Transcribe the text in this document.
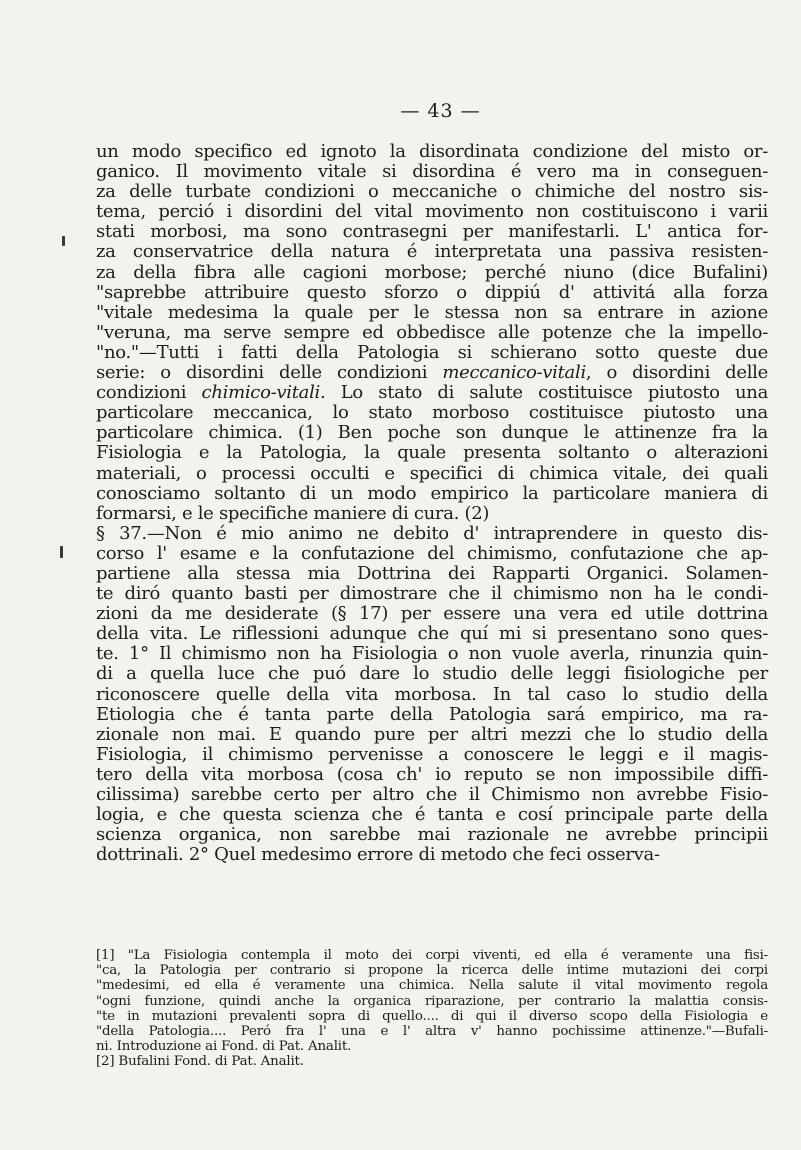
— 43 —
un modo specifico ed ignoto la disordinata condizione del misto or-
ganico. Il movimento vitale si disordina é vero ma in conseguen-
za delle turbate condizioni o meccaniche o chimiche del nostro sis-
tema, perció i disordini del vital movimento non costituiscono i varii
stati morbosi, ma sono contrasegni per manifestarli. L' antica for-
za conservatrice della natura é interpretata una passiva resisten-
za della fibra alle cagioni morbose; perché niuno (dice Bufalini)
"saprebbe attribuire questo sforzo o dippiú d' attivitá alla forza
"vitale medesima la quale per le stessa non sa entrare in azione
"veruna, ma serve sempre ed obbedisce alle potenze che la impello-
"no."—Tutti i fatti della Patologia si schierano sotto queste due
serie: o disordini delle condizioni meccanico-vitali, o disordini delle
condizioni chimico-vitali. Lo stato di salute costituisce piutosto una
particolare meccanica, lo stato morboso costituisce piutosto una
particolare chimica. (1) Ben poche son dunque le attinenze fra la
Fisiologia e la Patologia, la quale presenta soltanto o alterazioni
materiali, o processi occulti e specifici di chimica vitale, dei quali
conosciamo soltanto di un modo empirico la particolare maniera di
formarsi, e le specifiche maniere di cura. (2)
§ 37.—Non é mio animo ne debito d' intraprendere in questo dis-
corso l' esame e la confutazione del chimismo, confutazione che ap-
partiene alla stessa mia Dottrina dei Rapparti Organici. Solamen-
te diró quanto basti per dimostrare che il chimismo non ha le condi-
zioni da me desiderate (§ 17) per essere una vera ed utile dottrina
della vita. Le riflessioni adunque che quí mi si presentano sono ques-
te. 1° Il chimismo non ha Fisiologia o non vuole averla, rinunzia quin-
di a quella luce che puó dare lo studio delle leggi fisiologiche per
riconoscere quelle della vita morbosa. In tal caso lo studio della
Etiologia che é tanta parte della Patologia sará empirico, ma ra-
zionale non mai. E quando pure per altri mezzi che lo studio della
Fisiologia, il chimismo pervenisse a conoscere le leggi e il magis-
tero della vita morbosa (cosa ch' io reputo se non impossibile diffi-
cilissima) sarebbe certo per altro che il Chimismo non avrebbe Fisio-
logia, e che questa scienza che é tanta e cosí principale parte della
scienza organica, non sarebbe mai razionale ne avrebbe principii
dottrinali. 2° Quel medesimo errore di metodo che feci osserva-
[1] "La Fisiologia contempla il moto dei corpi viventi, ed ella é veramente una fisi-
"ca, la Patologia per contrario si propone la ricerca delle intime mutazioni dei corpi
"medesimi, ed ella é veramente una chimica. Nella salute il vital movimento regola
"ogni funzione, quindi anche la organica riparazione, per contrario la malattia consis-
"te in mutazioni prevalenti sopra di quello.... di qui il diverso scopo della Fisiologia e
"della Patologia.... Peró fra l' una e l' altra v' hanno pochissime attinenze."—Bufali-
ni. Introduzione ai Fond. di Pat. Analit.
[2] Bufalini Fond. di Pat. Analit.
